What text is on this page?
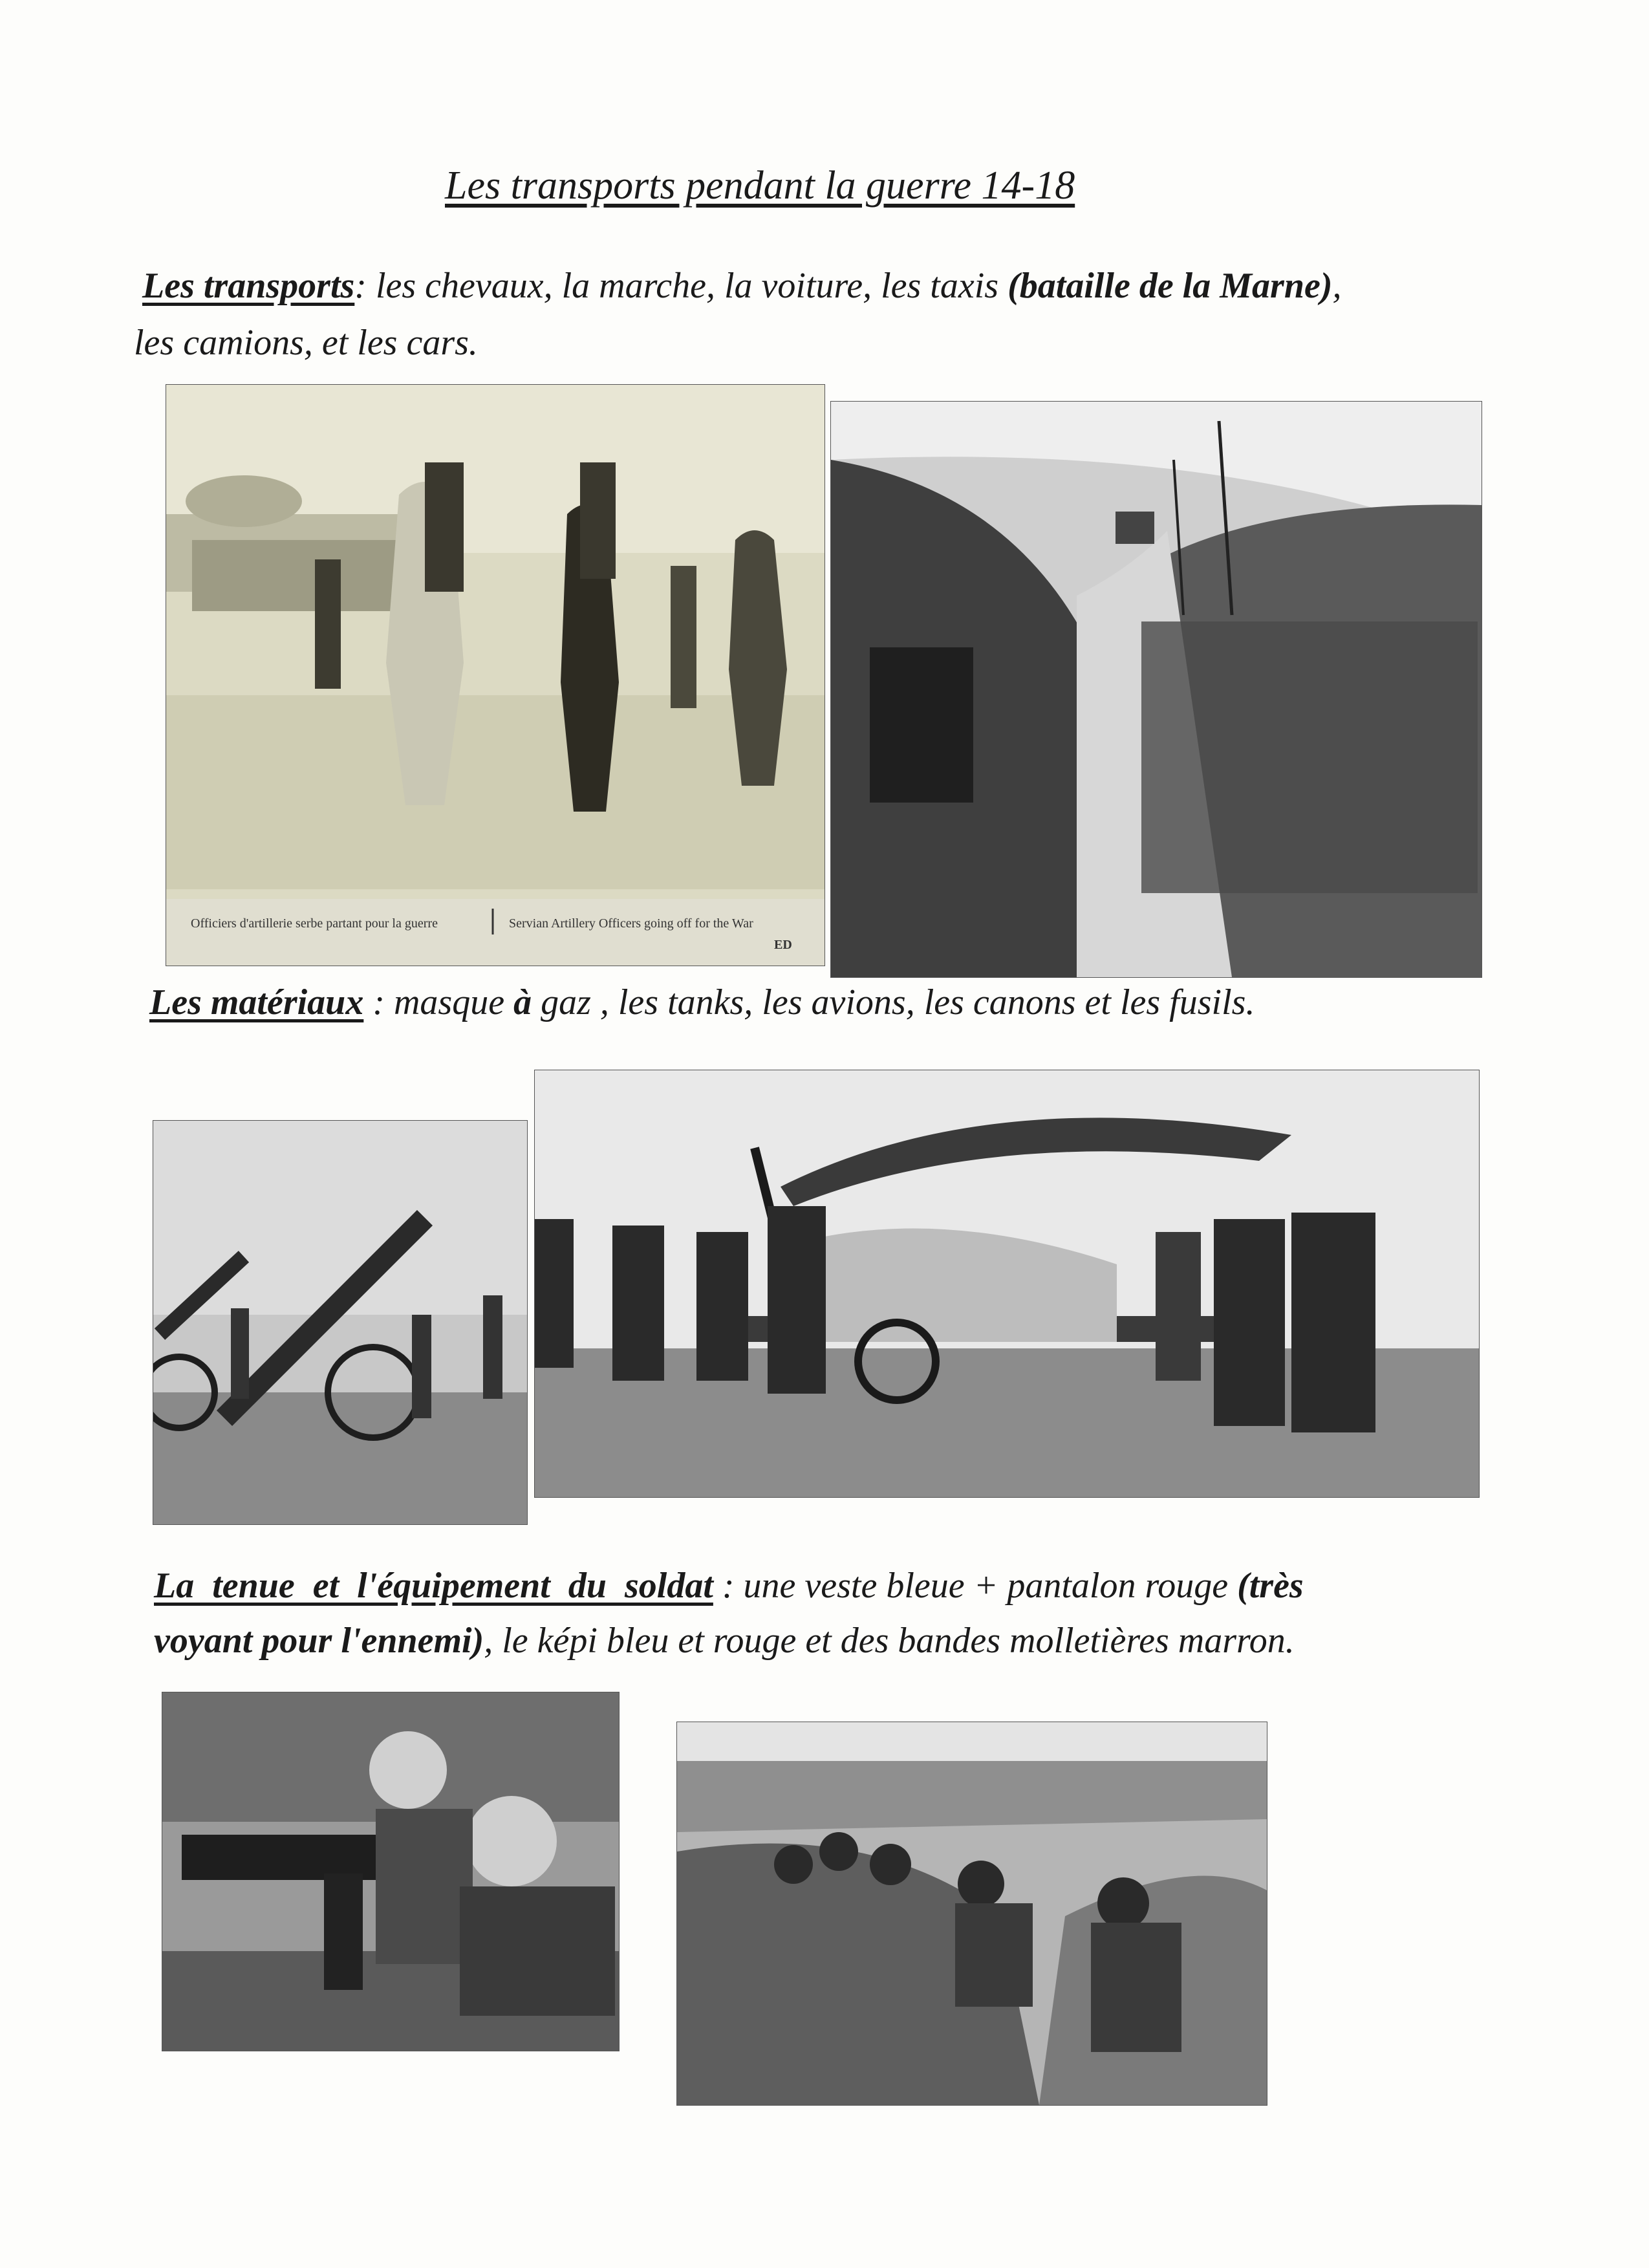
Les transports pendant la guerre 14-18
Les transports: les chevaux, la marche, la voiture, les taxis (bataille de la Marne),
les camions, et les cars.
Officiers d'artillerie serbe partant pour la guerre	Servian Artillery Officers going off for the War
ED
Les matériaux : masque à gaz , les tanks, les avions, les canons et les fusils.
La tenue et l'équipement du soldat : une veste bleue + pantalon rouge (très
voyant pour l'ennemi), le képi bleu et rouge et des bandes molletières marron.
